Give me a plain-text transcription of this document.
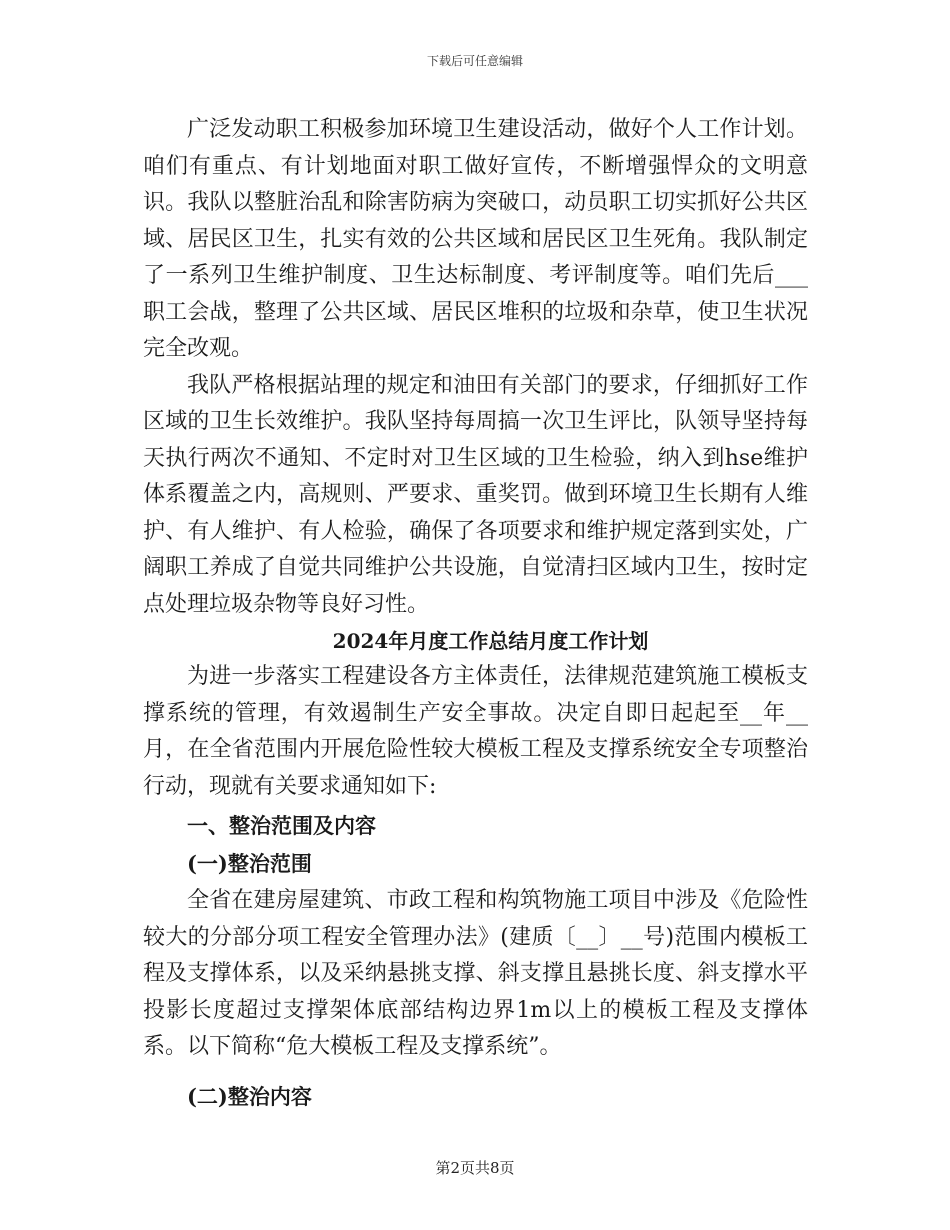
下载后可任意编辑

广泛发动职工积极参加环境卫生建设活动，做好个人工作计划。咱们有重点、有计划地面对职工做好宣传，不断增强悍众的文明意识。我队以整脏治乱和除害防病为突破口，动员职工切实抓好公共区域、居民区卫生，扎实有效的公共区域和居民区卫生死角。我队制定了一系列卫生维护制度、卫生达标制度、考评制度等。咱们先后___职工会战，整理了公共区域、居民区堆积的垃圾和杂草，使卫生状况完全改观。

我队严格根据站理的规定和油田有关部门的要求，仔细抓好工作区域的卫生长效维护。我队坚持每周搞一次卫生评比，队领导坚持每天执行两次不通知、不定时对卫生区域的卫生检验，纳入到hse维护体系覆盖之内，高规则、严要求、重奖罚。做到环境卫生长期有人维护、有人维护、有人检验，确保了各项要求和维护规定落到实处，广阔职工养成了自觉共同维护公共设施，自觉清扫区域内卫生，按时定点处理垃圾杂物等良好习性。

2024年月度工作总结月度工作计划

为进一步落实工程建设各方主体责任，法律规范建筑施工模板支撑系统的管理，有效遏制生产安全事故。决定自即日起起至__年__月，在全省范围内开展危险性较大模板工程及支撑系统安全专项整治行动，现就有关要求通知如下:

一、整治范围及内容

(一)整治范围

全省在建房屋建筑、市政工程和构筑物施工项目中涉及《危险性较大的分部分项工程安全管理办法》(建质〔__〕__号)范围内模板工程及支撑体系，以及采纳悬挑支撑、斜支撑且悬挑长度、斜支撑水平投影长度超过支撑架体底部结构边界1m以上的模板工程及支撑体系。以下简称“危大模板工程及支撑系统”。

(二)整治内容

第2页共8页
